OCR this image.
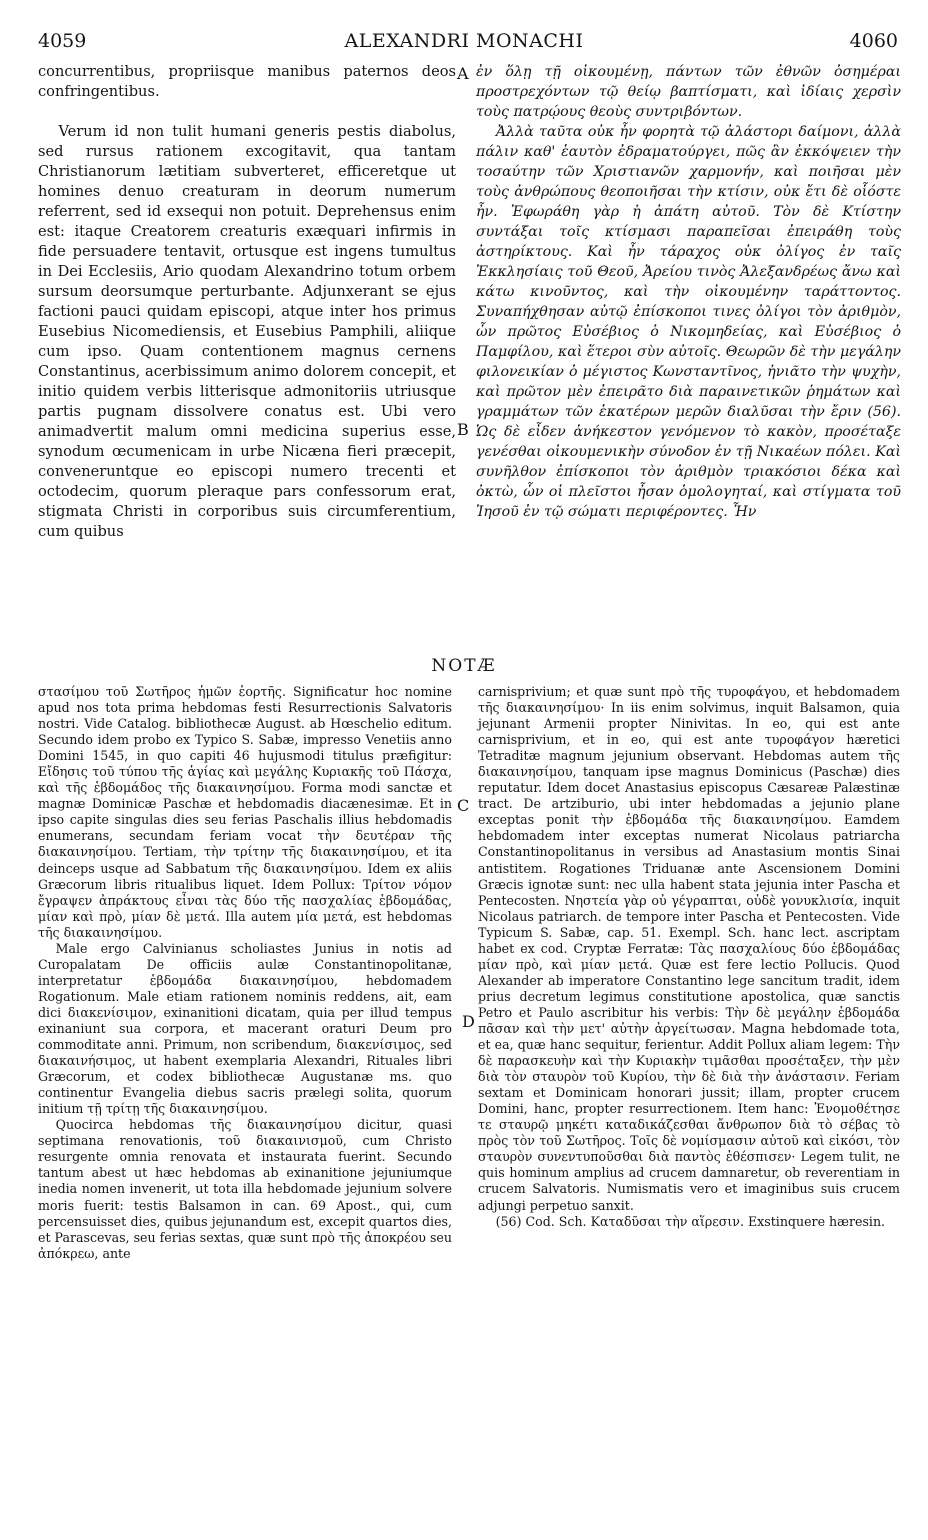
4059	ALEXANDRI MONACHI	4060

concurrentibus, propriisque manibus paternos deos confringentibus.

Verum id non tulit humani generis pestis diabolus, sed rursus rationem excogitavit, qua tantam Christianorum lætitiam subverteret, efficeretque ut homines denuo creaturam in deorum numerum referrent, sed id exsequi non potuit. Deprehensus enim est: itaque Creatorem creaturis exæquari infirmis in fide persuadere tentavit, ortusque est ingens tumultus in Dei Ecclesiis, Ario quodam Alexandrino totum orbem sursum deorsumque perturbante. Adjunxerant se ejus factioni pauci quidam episcopi, atque inter hos primus Eusebius Nicomediensis, et Eusebius Pamphili, aliique cum ipso. Quam contentionem magnus cernens Constantinus, acerbissimum animo dolorem concepit, et initio quidem verbis litterisque admonitoriis utriusque partis pugnam dissolvere conatus est. Ubi vero animadvertit malum omni medicina superius esse, synodum œcumenicam in urbe Nicæna fieri præcepit, conveneruntque eo episcopi numero trecenti et octodecim, quorum pleraque pars confessorum erat, stigmata Christi in corporibus suis circumferentium, cum quibus

A
B

ἐν ὅλῃ τῇ οἰκουμένῃ, πάντων τῶν ἐθνῶν ὁσημέραι προστρεχόντων τῷ θείῳ βαπτίσματι, καὶ ἰδίαις χερσὶν τοὺς πατρῴους θεοὺς συντριβόντων.

Ἀλλὰ ταῦτα οὐκ ἦν φορητὰ τῷ ἀλάστορι δαίμονι, ἀλλὰ πάλιν καθ' ἑαυτὸν ἐδραματούργει, πῶς ἂν ἐκκόψειεν τὴν τοσαύτην τῶν Χριστιανῶν χαρμονήν, καὶ ποιῆσαι μὲν τοὺς ἀνθρώπους θεοποιῆσαι τὴν κτίσιν, οὐκ ἔτι δὲ οἷόστε ἦν. Ἐφωράθη γὰρ ἡ ἀπάτη αὐτοῦ. Τὸν δὲ Κτίστην συντάξαι τοῖς κτίσμασι παραπεῖσαι ἐπειράθη τοὺς ἀστηρίκτους. Καὶ ἦν τάραχος οὐκ ὀλίγος ἐν ταῖς Ἐκκλησίαις τοῦ Θεοῦ, Ἀρείου τινὸς Ἀλεξανδρέως ἄνω καὶ κάτω κινοῦντος, καὶ τὴν οἰκουμένην ταράττοντος. Συναπήχθησαν αὐτῷ ἐπίσκοποι τινες ὀλίγοι τὸν ἀριθμὸν, ὧν πρῶτος Εὐσέβιος ὁ Νικομηδείας, καὶ Εὐσέβιος ὁ Παμφίλου, καὶ ἕτεροι σὺν αὐτοῖς. Θεωρῶν δὲ τὴν μεγάλην φιλονεικίαν ὁ μέγιστος Κωνσταντῖνος, ἠνιᾶτο τὴν ψυχὴν, καὶ πρῶτον μὲν ἐπειρᾶτο διὰ παραινετικῶν ῥημάτων καὶ γραμμάτων τῶν ἑκατέρων μερῶν διαλῦσαι τὴν ἔριν (56). Ὡς δὲ εἶδεν ἀνήκεστον γενόμενον τὸ κακὸν, προσέταξε γενέσθαι οἰκουμενικὴν σύνοδον ἐν τῇ Νικαέων πόλει. Καὶ συνῆλθον ἐπίσκοποι τὸν ἀριθμὸν τριακόσιοι δέκα καὶ ὀκτὼ, ὧν οἱ πλεῖστοι ἦσαν ὁμολογηταί, καὶ στίγματα τοῦ Ἰησοῦ ἐν τῷ σώματι περιφέροντες. Ἦν

NOTÆ

στασίμου τοῦ Σωτῆρος ἡμῶν ἑορτῆς. Significatur hoc nomine apud nos tota prima hebdomas festi Resurrectionis Salvatoris nostri. Vide Catalog. bibliothecæ August. ab Hœschelio editum. Secundo idem probo ex Typico S. Sabæ, impresso Venetiis anno Domini 1545, in quo capiti 46 hujusmodi titulus præfigitur: Εἴδησις τοῦ τύπου τῆς ἁγίας καὶ μεγάλης Κυριακῆς τοῦ Πάσχα, καὶ τῆς ἑβδομάδος τῆς διακαινησίμου. Forma modi sanctæ et magnæ Dominicæ Paschæ et hebdomadis diacænesimæ. Et in ipso capite singulas dies seu ferias Paschalis illius hebdomadis enumerans, secundam feriam vocat τὴν δευτέραν τῆς διακαινησίμου. Tertiam, τὴν τρίτην τῆς διακαινησίμου, et ita deinceps usque ad Sabbatum τῆς διακαινησίμου. Idem ex aliis Græcorum libris ritualibus liquet. Idem Pollux: Τρίτον νόμον ἔγραψεν ἀπράκτους εἶναι τὰς δύο τῆς πασχαλίας ἑβδομάδας, μίαν καὶ πρὸ, μίαν δὲ μετά. Illa autem μία μετά, est hebdomas τῆς διακαινησίμου.

Male ergo Calvinianus scholiastes Junius in notis ad Curopalatam De officiis aulæ Constantinopolitanæ, interpretatur ἑβδομάδα διακαινησίμου, hebdomadem Rogationum. Male etiam rationem nominis reddens, ait, eam dici διακενίσιμον, exinanitioni dicatam, quia per illud tempus exinaniunt sua corpora, et macerant oraturi Deum pro commoditate anni. Primum, non scribendum, διακενίσιμος, sed διακαινήσιμος, ut habent exemplaria Alexandri, Rituales libri Græcorum, et codex bibliothecæ Augustanæ ms. quo continentur Evangelia diebus sacris prælegi solita, quorum initium τῇ τρίτῃ τῆς διακαινησίμου.

Quocirca hebdomas τῆς διακαινησίμου dicitur, quasi septimana renovationis, τοῦ διακαινισμοῦ, cum Christo resurgente omnia renovata et instaurata fuerint. Secundo tantum abest ut hæc hebdomas ab exinanitione jejuniumque inedia nomen invenerit, ut tota illa hebdomade jejunium solvere moris fuerit: testis Balsamon in can. 69 Apost., qui, cum percensuisset dies, quibus jejunandum est, excepit quartos dies, et Parascevas, seu ferias sextas, quæ sunt πρὸ τῆς ἀποκρέου seu ἀπόκρεω, ante

C
D

carnisprivium; et quæ sunt πρὸ τῆς τυροφάγου, et hebdomadem τῆς διακαινησίμου· In iis enim solvimus, inquit Balsamon, quia jejunant Armenii propter Ninivitas. In eo, qui est ante carnisprivium, et in eo, qui est ante τυροφάγον hæretici Tetraditæ magnum jejunium observant. Hebdomas autem τῆς διακαινησίμου, tanquam ipse magnus Dominicus (Paschæ) dies reputatur. Idem docet Anastasius episcopus Cæsareæ Palæstinæ tract. De artziburio, ubi inter hebdomadas a jejunio plane exceptas ponit τὴν ἑβδομάδα τῆς διακαινησίμου. Eamdem hebdomadem inter exceptas numerat Nicolaus patriarcha Constantinopolitanus in versibus ad Anastasium montis Sinai antistitem. Rogationes Triduanæ ante Ascensionem Domini Græcis ignotæ sunt: nec ulla habent stata jejunia inter Pascha et Pentecosten. Νηστεία γὰρ οὐ γέγραπται, οὐδὲ γονυκλισία, inquit Nicolaus patriarch. de tempore inter Pascha et Pentecosten. Vide Typicum S. Sabæ, cap. 51. Exempl. Sch. hanc lect. ascriptam habet ex cod. Cryptæ Ferratæ: Τὰς πασχαλίους δύο ἑβδομάδας μίαν πρὸ, καὶ μίαν μετά. Quæ est fere lectio Pollucis. Quod Alexander ab imperatore Constantino lege sancitum tradit, idem prius decretum legimus constitutione apostolica, quæ sanctis Petro et Paulo ascribitur his verbis: Τὴν δὲ μεγάλην ἑβδομάδα πᾶσαν καὶ τὴν μετ' αὐτὴν ἀργείτωσαν. Magna hebdomade tota, et ea, quæ hanc sequitur, ferientur. Addit Pollux aliam legem: Τὴν δὲ παρασκευὴν καὶ τὴν Κυριακὴν τιμᾶσθαι προσέταξεν, τὴν μὲν διὰ τὸν σταυρὸν τοῦ Κυρίου, τὴν δὲ διὰ τὴν ἀνάστασιν. Feriam sextam et Dominicam honorari jussit; illam, propter crucem Domini, hanc, propter resurrectionem. Item hanc: Ἐνομοθέτησε τε σταυρῷ μηκέτι καταδικάζεσθαι ἄνθρωπον διὰ τὸ σέβας τὸ πρὸς τὸν τοῦ Σωτῆρος. Τοῖς δὲ νομίσμασιν αὐτοῦ καὶ εἰκόσι, τὸν σταυρὸν συνεντυποῦσθαι διὰ παντὸς ἐθέσπισεν· Legem tulit, ne quis hominum amplius ad crucem damnaretur, ob reverentiam in crucem Salvatoris. Numismatis vero et imaginibus suis crucem adjungi perpetuo sanxit.

(56) Cod. Sch. Καταδῦσαι τὴν αἵρεσιν. Exstinquere hæresin.
